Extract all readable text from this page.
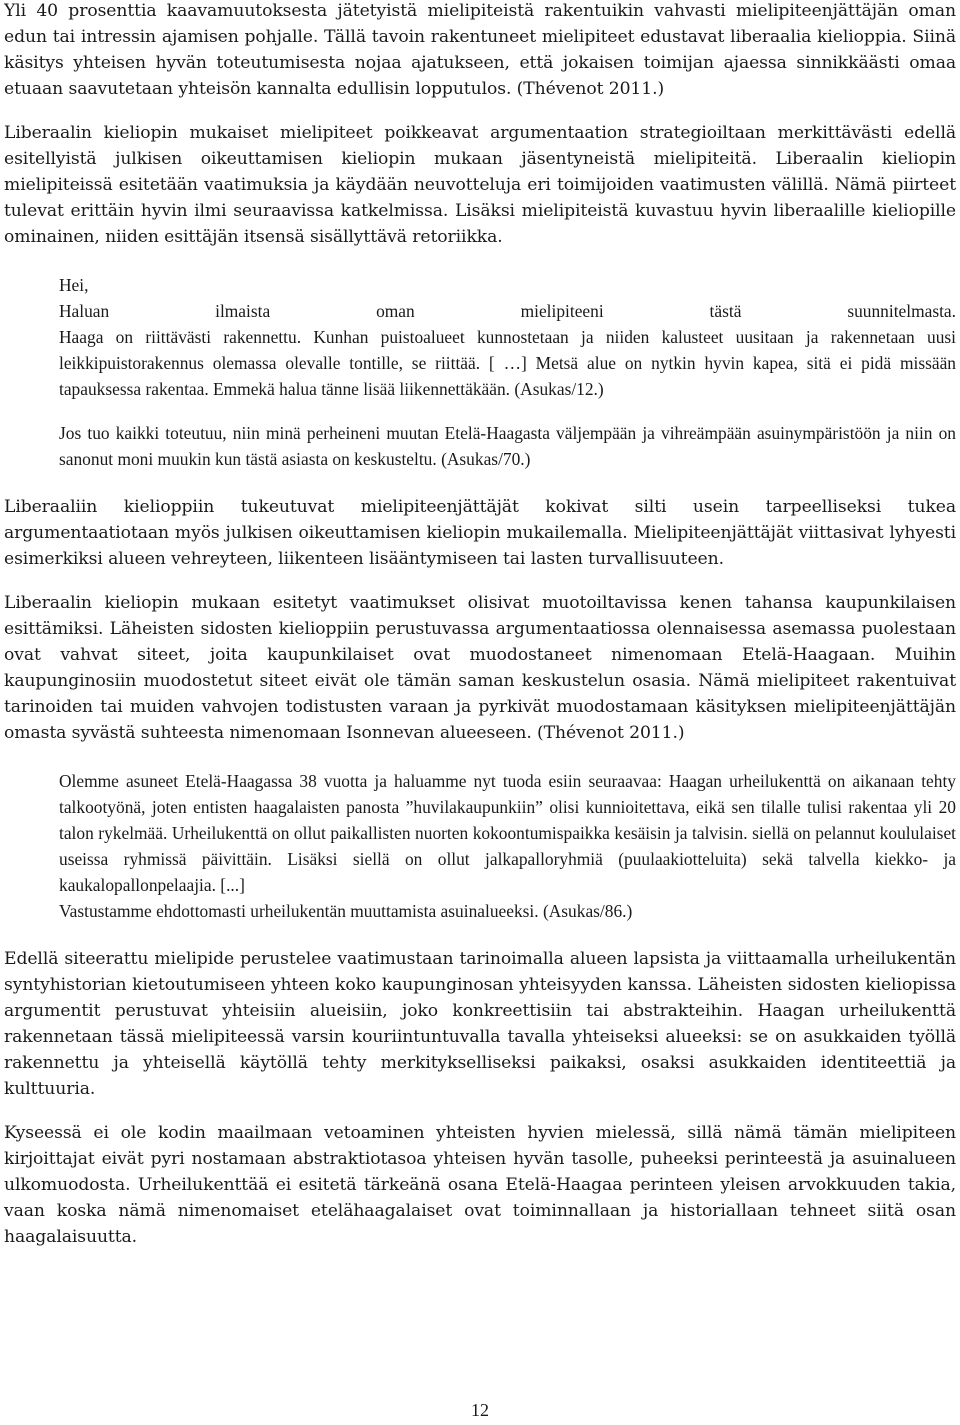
Yli 40 prosenttia kaavamuutoksesta jätetyistä mielipiteistä rakentuikin vahvasti mielipiteenjättäjän oman edun tai intressin ajamisen pohjalle. Tällä tavoin rakentuneet mielipiteet edustavat liberaalia kielioppia. Siinä käsitys yhteisen hyvän toteutumisesta nojaa ajatukseen, että jokaisen toimijan ajaessa sinnikkäästi omaa etuaan saavutetaan yhteisön kannalta edullisin lopputulos. (Thévenot 2011.)

Liberaalin kieliopin mukaiset mielipiteet poikkeavat argumentaation strategioiltaan merkittävästi edellä esitellyistä julkisen oikeuttamisen kieliopin mukaan jäsentyneistä mielipiteitä. Liberaalin kieliopin mielipiteissä esitetään vaatimuksia ja käydään neuvotteluja eri toimijoiden vaatimusten välillä. Nämä piirteet tulevat erittäin hyvin ilmi seuraavissa katkelmissa. Lisäksi mielipiteistä kuvastuu hyvin liberaalille kieliopille ominainen, niiden esittäjän itsensä sisällyttävä retoriikka.

Hei,

Haluan ilmaista oman mielipiteeni tästä suunnitelmasta.

Haaga on riittävästi rakennettu. Kunhan puistoalueet kunnostetaan ja niiden kalusteet uusitaan ja rakennetaan uusi leikkipuistorakennus olemassa olevalle tontille, se riittää. [ …] Metsä alue on nytkin hyvin kapea, sitä ei pidä missään tapauksessa rakentaa. Emmekä halua tänne lisää liikennettäkään. (Asukas/12.)

Jos tuo kaikki toteutuu, niin minä perheineni muutan Etelä-Haagasta väljempään ja vihreämpään asuinympäristöön ja niin on sanonut moni muukin kun tästä asiasta on keskusteltu. (Asukas/70.)

Liberaaliin kielioppiin tukeutuvat mielipiteenjättäjät kokivat silti usein tarpeelliseksi tukea argumentaatiotaan myös julkisen oikeuttamisen kieliopin mukailemalla. Mielipiteenjättäjät viittasivat lyhyesti esimerkiksi alueen vehreyteen, liikenteen lisääntymiseen tai lasten turvallisuuteen.

Liberaalin kieliopin mukaan esitetyt vaatimukset olisivat muotoiltavissa kenen tahansa kaupunkilaisen esittämiksi. Läheisten sidosten kielioppiin perustuvassa argumentaatiossa olennaisessa asemassa puolestaan ovat vahvat siteet, joita kaupunkilaiset ovat muodostaneet nimenomaan Etelä-Haagaan. Muihin kaupunginosiin muodostetut siteet eivät ole tämän saman keskustelun osasia. Nämä mielipiteet rakentuivat tarinoiden tai muiden vahvojen todistusten varaan ja pyrkivät muodostamaan käsityksen mielipiteenjättäjän omasta syvästä suhteesta nimenomaan Isonnevan alueeseen. (Thévenot 2011.)

Olemme asuneet Etelä-Haagassa 38 vuotta ja haluamme nyt tuoda esiin seuraavaa: Haagan urheilukenttä on aikanaan tehty talkootyönä, joten entisten haagalaisten panosta ”huvilakaupunkiin” olisi kunnioitettava, eikä sen tilalle tulisi rakentaa yli 20 talon rykelmää. Urheilukenttä on ollut paikallisten nuorten kokoontumispaikka kesäisin ja talvisin. siellä on pelannut koululaiset useissa ryhmissä päivittäin. Lisäksi siellä on ollut jalkapalloryhmiä (puulaakiotteluita) sekä talvella kiekko- ja kaukalopallonpelaajia. [...]

Vastustamme ehdottomasti urheilukentän muuttamista asuinalueeksi. (Asukas/86.)

Edellä siteerattu mielipide perustelee vaatimustaan tarinoimalla alueen lapsista ja viittaamalla urheilukentän syntyhistorian kietoutumiseen yhteen koko kaupunginosan yhteisyyden kanssa. Läheisten sidosten kieliopissa argumentit perustuvat yhteisiin alueisiin, joko konkreettisiin tai abstrakteihin. Haagan urheilukenttä rakennetaan tässä mielipiteessä varsin kouriintuntuvalla tavalla yhteiseksi alueeksi: se on asukkaiden työllä rakennettu ja yhteisellä käytöllä tehty merkitykselliseksi paikaksi, osaksi asukkaiden identiteettiä ja kulttuuria.

Kyseessä ei ole kodin maailmaan vetoaminen yhteisten hyvien mielessä, sillä nämä tämän mielipiteen kirjoittajat eivät pyri nostamaan abstraktiotasoa yhteisen hyvän tasolle, puheeksi perinteestä ja asuinalueen ulkomuodosta. Urheilukenttää ei esitetä tärkeänä osana Etelä-Haagaa perinteen yleisen arvokkuuden takia, vaan koska nämä nimenomaiset etelähaagalaiset ovat toiminnallaan ja historiallaan tehneet siitä osan haagalaisuutta.

12
